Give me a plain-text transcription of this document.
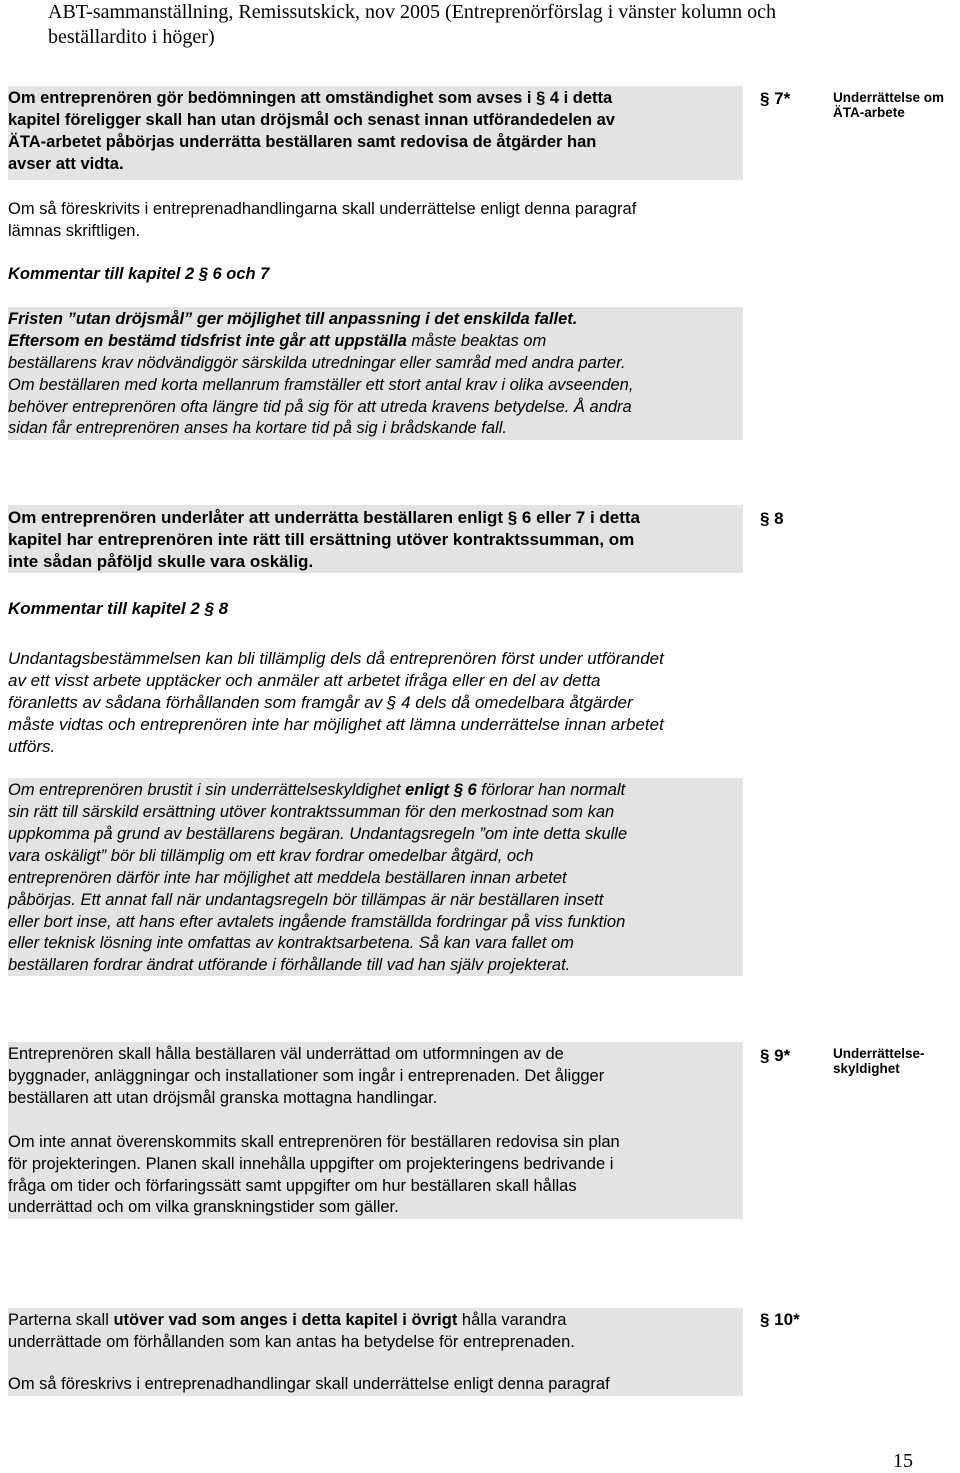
ABT-sammanställning, Remissutskick, nov 2005 (Entreprenörförslag i vänster kolumn och
beställardito i höger)
Om entreprenören gör bedömningen att omständighet som avses i § 4 i detta
kapitel föreligger skall han utan dröjsmål och senast innan utförandedelen av
ÄTA-arbetet påbörjas underrätta beställaren samt redovisa de åtgärder han
avser att vidta.
§ 7*	Underrättelse om
ÄTA-arbete
Om så föreskrivits i entreprenadhandlingarna skall underrättelse enligt denna paragraf
lämnas skriftligen.
Kommentar till kapitel 2 § 6 och 7
Fristen ”utan dröjsmål” ger möjlighet till anpassning i det enskilda fallet.
Eftersom en bestämd tidsfrist inte går att uppställa måste beaktas om
beställarens krav nödvändiggör särskilda utredningar eller samråd med andra parter.
Om beställaren med korta mellanrum framställer ett stort antal krav i olika avseenden,
behöver entreprenören ofta längre tid på sig för att utreda kravens betydelse. Å andra
sidan får entreprenören anses ha kortare tid på sig i brådskande fall.
Om entreprenören underlåter att underrätta beställaren enligt § 6 eller 7 i detta
kapitel har entreprenören inte rätt till ersättning utöver kontraktssumman, om
inte sådan påföljd skulle vara oskälig.
§ 8
Kommentar till kapitel 2 § 8
Undantagsbestämmelsen kan bli tillämplig dels då entreprenören först under utförandet
av ett visst arbete upptäcker och anmäler att arbetet ifråga eller en del av detta
föranletts av sådana förhållanden som framgår av § 4 dels då omedelbara åtgärder
måste vidtas och entreprenören inte har möjlighet att lämna underrättelse innan arbetet
utförs.
Om entreprenören brustit i sin underrättelseskyldighet enligt § 6 förlorar han normalt
sin rätt till särskild ersättning utöver kontraktssumman för den merkostnad som kan
uppkomma på grund av beställarens begäran. Undantagsregeln ”om inte detta skulle
vara oskäligt” bör bli tillämplig om ett krav fordrar omedelbar åtgärd, och
entreprenören därför inte har möjlighet att meddela beställaren innan arbetet
påbörjas. Ett annat fall när undantagsregeln bör tillämpas är när beställaren insett
eller bort inse, att hans efter avtalets ingående framställda fordringar på viss funktion
eller teknisk lösning inte omfattas av kontraktsarbetena. Så kan vara fallet om
beställaren fordrar ändrat utförande i förhållande till vad han själv projekterat.
Entreprenören skall hålla beställaren väl underrättad om utformningen av de
byggnader, anläggningar och installationer som ingår i entreprenaden. Det åligger
beställaren att utan dröjsmål granska mottagna handlingar.
Om inte annat överenskommits skall entreprenören för beställaren redovisa sin plan
för projekteringen. Planen skall innehålla uppgifter om projekteringens bedrivande i
fråga om tider och förfaringssätt samt uppgifter om hur beställaren skall hållas
underrättad och om vilka granskningstider som gäller.
§ 9*	Underrättelse-
skyldighet
Parterna skall utöver vad som anges i detta kapitel i övrigt hålla varandra
underrättade om förhållanden som kan antas ha betydelse för entreprenaden.
Om så föreskrivs i entreprenadhandlingar skall underrättelse enligt denna paragraf
§ 10*
15
